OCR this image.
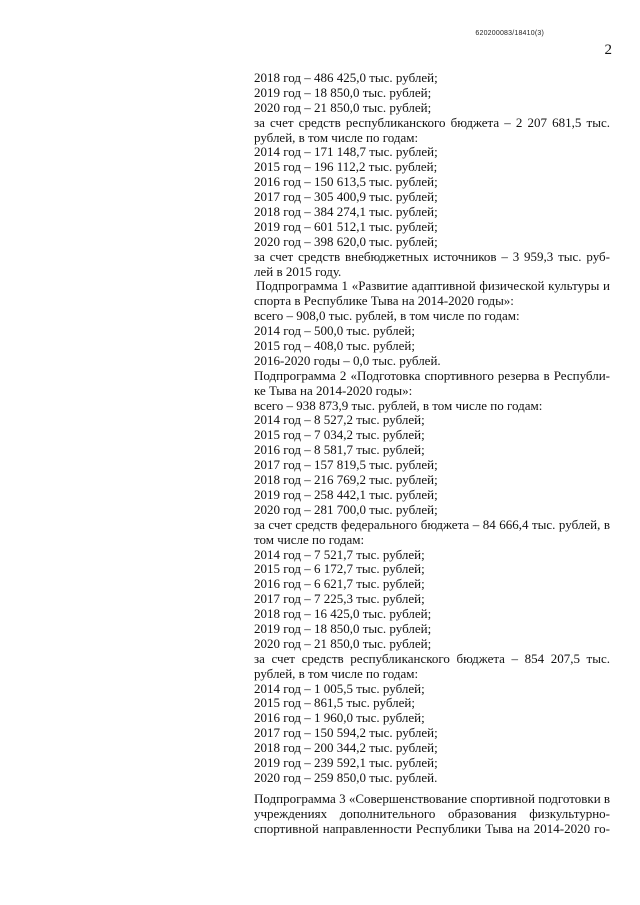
620200083/18410(3)
2
2018 год – 486 425,0 тыс. рублей;
2019 год – 18 850,0 тыс. рублей;
2020 год – 21 850,0 тыс. рублей;
за счет средств республиканского бюджета – 2 207 681,5 тыс.
рублей, в том числе по годам:
2014 год – 171 148,7 тыс. рублей;
2015 год – 196 112,2 тыс. рублей;
2016 год – 150 613,5 тыс. рублей;
2017 год – 305 400,9 тыс. рублей;
2018 год – 384 274,1 тыс. рублей;
2019 год – 601 512,1 тыс. рублей;
2020 год – 398 620,0 тыс. рублей;
за счет средств внебюджетных источников – 3 959,3 тыс. руб-
лей в 2015 году.
Подпрограмма 1 «Развитие адаптивной физической культуры и
спорта в Республике Тыва на 2014-2020 годы»:
всего – 908,0 тыс. рублей, в том числе по годам:
2014 год – 500,0 тыс. рублей;
2015 год – 408,0 тыс. рублей;
2016-2020 годы – 0,0 тыс. рублей.
Подпрограмма 2 «Подготовка спортивного резерва в Республи-
ке Тыва на 2014-2020 годы»:
всего – 938 873,9 тыс. рублей, в том числе по годам:
2014 год – 8 527,2 тыс. рублей;
2015 год – 7 034,2 тыс. рублей;
2016 год – 8 581,7 тыс. рублей;
2017 год – 157 819,5 тыс. рублей;
2018 год – 216 769,2 тыс. рублей;
2019 год – 258 442,1 тыс. рублей;
2020 год – 281 700,0 тыс. рублей;
за счет средств федерального бюджета – 84 666,4 тыс. рублей, в
том числе по годам:
2014 год – 7 521,7 тыс. рублей;
2015 год – 6 172,7 тыс. рублей;
2016 год – 6 621,7 тыс. рублей;
2017 год – 7 225,3 тыс. рублей;
2018 год – 16 425,0 тыс. рублей;
2019 год – 18 850,0 тыс. рублей;
2020 год – 21 850,0 тыс. рублей;
за счет средств республиканского бюджета – 854 207,5 тыс.
рублей, в том числе по годам:
2014 год – 1 005,5 тыс. рублей;
2015 год – 861,5 тыс. рублей;
2016 год – 1 960,0 тыс. рублей;
2017 год – 150 594,2 тыс. рублей;
2018 год – 200 344,2 тыс. рублей;
2019 год – 239 592,1 тыс. рублей;
2020 год – 259 850,0 тыс. рублей.
Подпрограмма 3 «Совершенствование спортивной подготовки в
учреждениях дополнительного образования физкультурно-
спортивной направленности Республики Тыва на 2014-2020 го-
